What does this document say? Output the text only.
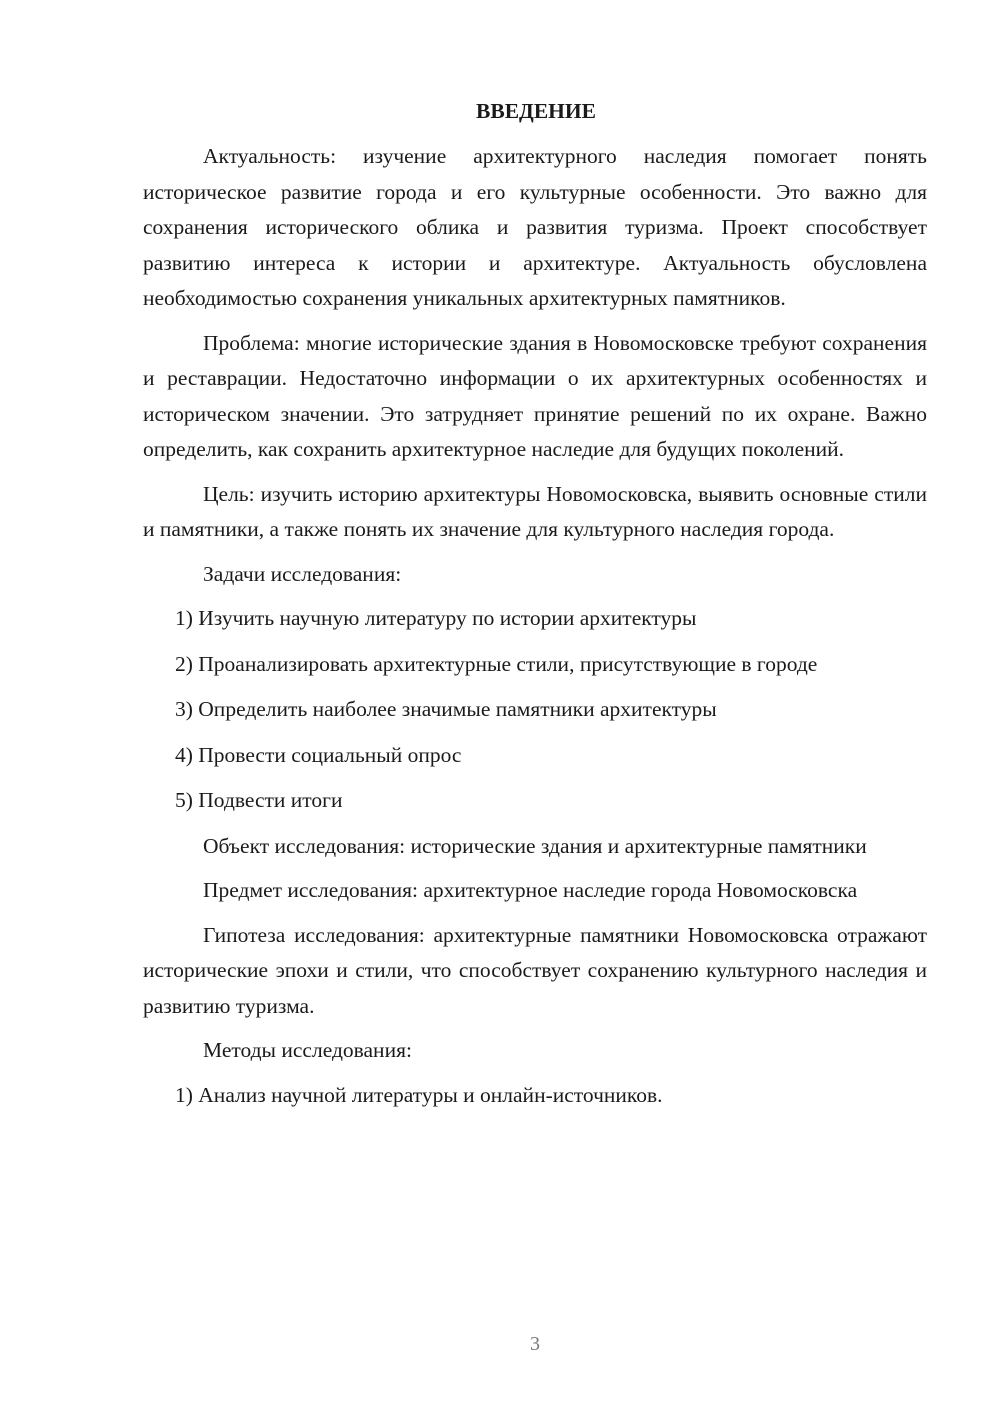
ВВЕДЕНИЕ

Актуальность: изучение архитектурного наследия помогает понять историческое развитие города и его культурные особенности. Это важно для сохранения исторического облика и развития туризма. Проект способствует развитию интереса к истории и архитектуре. Актуальность обусловлена необходимостью сохранения уникальных архитектурных памятников.

Проблема: многие исторические здания в Новомосковске требуют сохранения и реставрации. Недостаточно информации о их архитектурных особенностях и историческом значении. Это затрудняет принятие решений по их охране. Важно определить, как сохранить архитектурное наследие для будущих поколений.

Цель: изучить историю архитектуры Новомосковска, выявить основные стили и памятники, а также понять их значение для культурного наследия города.

Задачи исследования:

1) Изучить научную литературу по истории архитектуры

2) Проанализировать архитектурные стили, присутствующие в городе

3) Определить наиболее значимые памятники архитектуры

4) Провести социальный опрос

5) Подвести итоги

Объект исследования: исторические здания и архитектурные памятники

Предмет исследования: архитектурное наследие города Новомосковска

Гипотеза исследования: архитектурные памятники Новомосковска отражают исторические эпохи и стили, что способствует сохранению культурного наследия и развитию туризма.

Методы исследования:

1) Анализ научной литературы и онлайн-источников.

3
